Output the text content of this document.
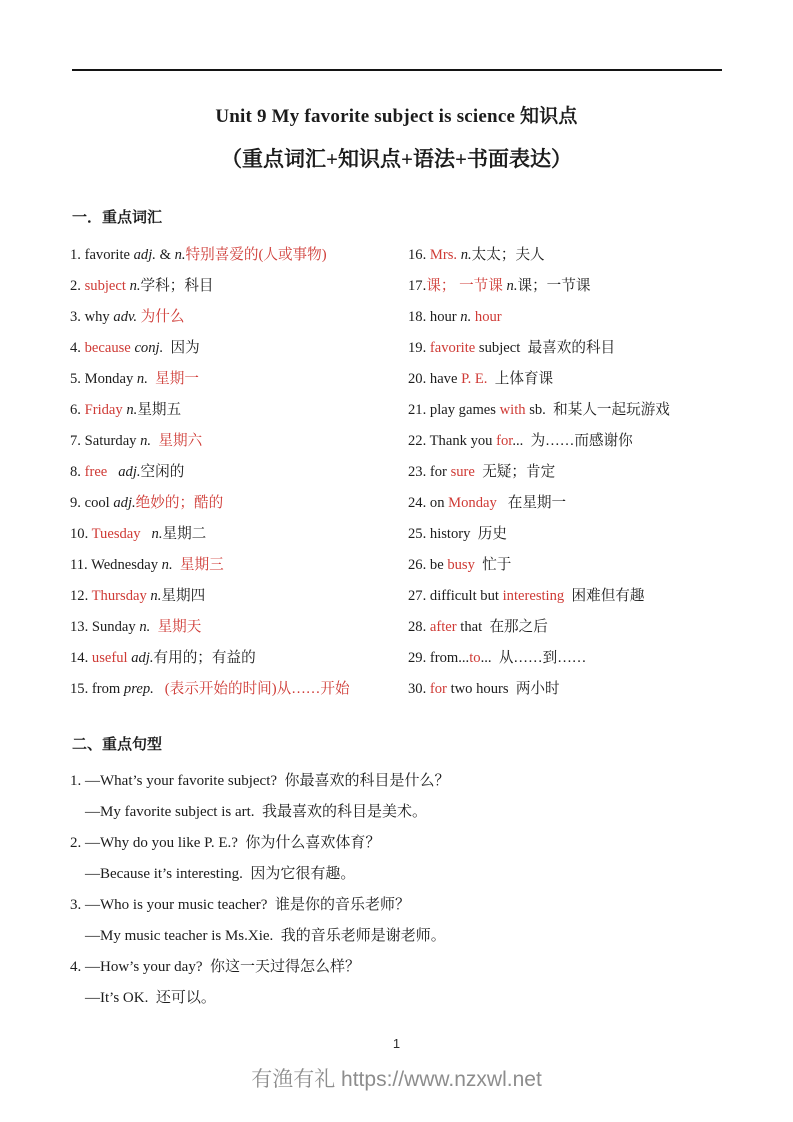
Unit 9 My favorite subject is science 知识点
（重点词汇+知识点+语法+书面表达）
一．重点词汇
1. favorite adj. & n.特别喜爱的(人或事物)
2. subject n.学科；科目
3. why adv. 为什么
4. because conj.  因为
5. Monday n.  星期一
6. Friday n.星期五
7. Saturday n.  星期六
8. free adj.空闲的
9. cool adj.绝妙的；酷的
10. Tuesday n.星期二
11. Wednesday n.  星期三
12. Thursday n.星期四
13. Sunday n.  星期天
14. useful adj.有用的；有益的
15. from prep. (表示开始的时间)从……开始
16. Mrs. n.太太；夫人
17.课； 一节课 n.课；一节课
18. hour n. hour
19. favorite subject  最喜欢的科目
20. have P. E.  上体育课
21. play games with sb.  和某人一起玩游戏
22. Thank you for...  为……而感谢你
23. for sure  无疑；肯定
24. on Monday   在星期一
25. history  历史
26. be busy  忙于
27. difficult but interesting  困难但有趣
28. after that  在那之后
29. from...to...  从……到……
30. for two hours  两小时
二、重点句型
1. —What’s your favorite subject?  你最喜欢的科目是什么？
—My favorite subject is art.  我最喜欢的科目是美术。
2. —Why do you like P. E.?  你为什么喜欢体育？
—Because it’s interesting.  因为它很有趣。
3. —Who is your music teacher?  谁是你的音乐老师？
—My music teacher is Ms.Xie.  我的音乐老师是谢老师。
4. —How’s your day?  你这一天过得怎么样？
—It’s OK.  还可以。
1
有渔有礼 https://www.nzxwl.net
